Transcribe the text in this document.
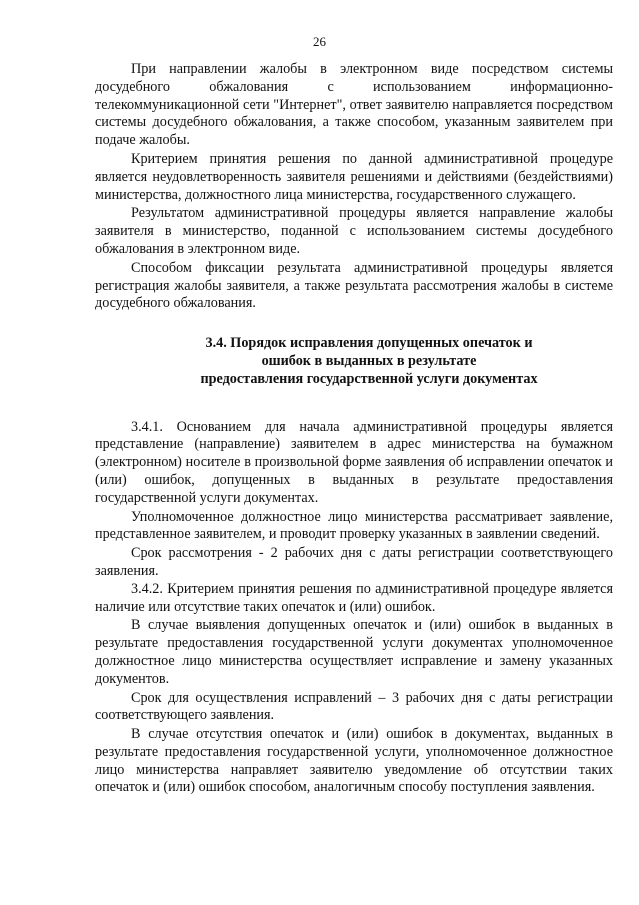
26

При направлении жалобы в электронном виде посредством системы досудебного обжалования с использованием информационно-телекоммуникационной сети "Интернет", ответ заявителю направляется посредством системы досудебного обжалования, а также способом, указанным заявителем при подаче жалобы.

Критерием принятия решения по данной административной процедуре является неудовлетворенность заявителя решениями и действиями (бездействиями) министерства, должностного лица министерства, государственного служащего.

Результатом административной процедуры является направление жалобы заявителя в министерство, поданной с использованием системы досудебного обжалования в электронном виде.

Способом фиксации результата административной процедуры является регистрация жалобы заявителя, а также результата рассмотрения жалобы в системе досудебного обжалования.

3.4. Порядок исправления допущенных опечаток и
ошибок в выданных в результате
предоставления государственной услуги документах

3.4.1. Основанием для начала административной процедуры является представление (направление) заявителем в адрес министерства на бумажном (электронном) носителе в произвольной форме заявления об исправлении опечаток и (или) ошибок, допущенных в выданных в результате предоставления государственной услуги документах.

Уполномоченное должностное лицо министерства рассматривает заявление, представленное заявителем, и проводит проверку указанных в заявлении сведений.

Срок рассмотрения - 2 рабочих дня с даты регистрации соответствующего заявления.

3.4.2. Критерием принятия решения по административной процедуре является наличие или отсутствие таких опечаток и (или) ошибок.

В случае выявления допущенных опечаток и (или) ошибок в выданных в результате предоставления государственной услуги документах уполномоченное должностное лицо министерства осуществляет исправление и замену указанных документов.

Срок для осуществления исправлений – 3 рабочих дня с даты регистрации соответствующего заявления.

В случае отсутствия опечаток и (или) ошибок в документах, выданных в результате предоставления государственной услуги, уполномоченное должностное лицо министерства направляет заявителю уведомление об отсутствии таких опечаток и (или) ошибок способом, аналогичным способу поступления заявления.
